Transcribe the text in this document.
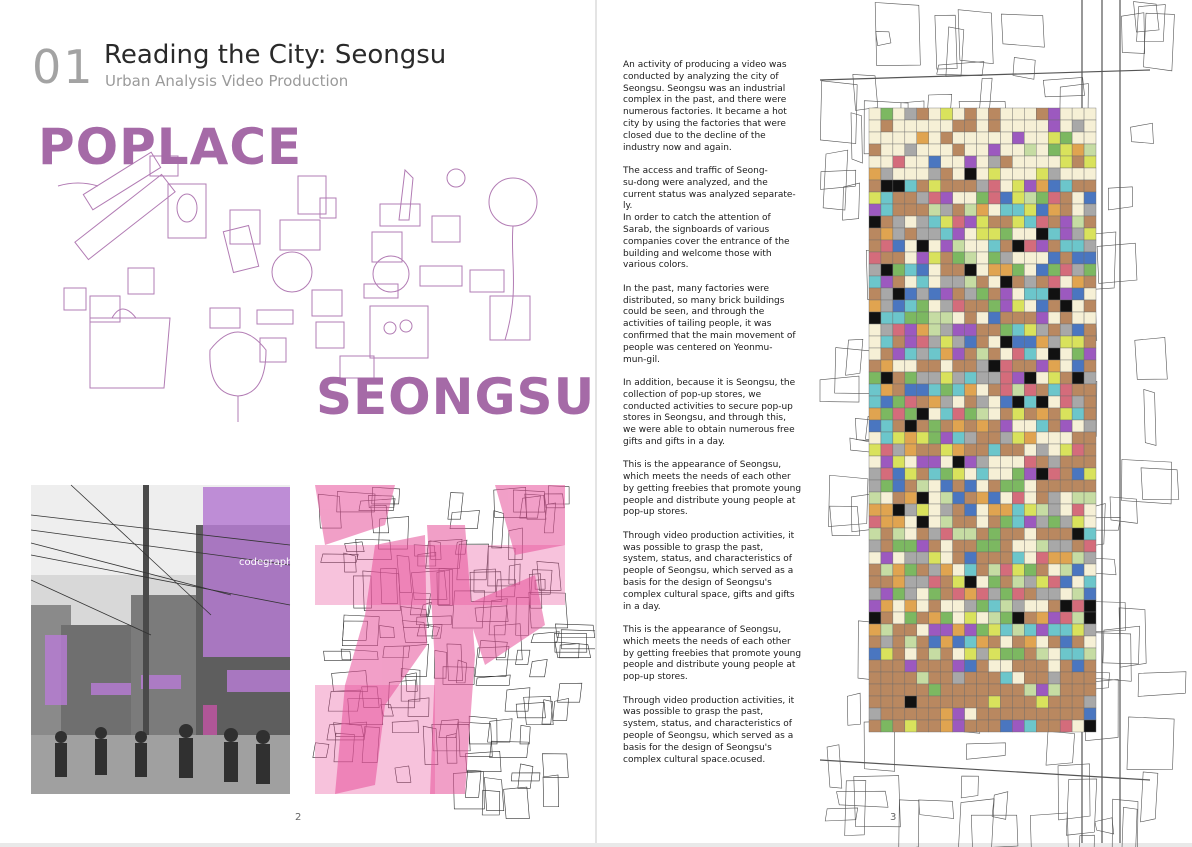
01 Reading the City: Seongsu
Urban Analysis Video Production
POPLACE
SEONGSU
codegraphy
2

An activity of producing a video was
conducted by analyzing the city of
Seongsu. Seongsu was an industrial
complex in the past, and there were
numerous factories. It became a hot
city by using the factories that were
closed due to the decline of the
industry now and again.

The access and traffic of Seong-
su-dong were analyzed, and the
current status was analyzed separate-
ly.
In order to catch the attention of
Sarab, the signboards of various
companies cover the entrance of the
building and welcome those with
various colors.

In the past, many factories were
distributed, so many brick buildings
could be seen, and through the
activities of tailing people, it was
confirmed that the main movement of
people was centered on Yeonmu-
mun-gil.

In addition, because it is Seongsu, the
collection of pop-up stores, we
conducted activities to secure pop-up
stores in Seongsu, and through this,
we were able to obtain numerous free
gifts and gifts in a day.

This is the appearance of Seongsu,
which meets the needs of each other
by getting freebies that promote young
people and distribute young people at
pop-up stores.

Through video production activities, it
was possible to grasp the past,
system, status, and characteristics of
people of Seongsu, which served as a
basis for the design of Seongsu's
complex cultural space, gifts and gifts
in a day.

This is the appearance of Seongsu,
which meets the needs of each other
by getting freebies that promote young
people and distribute young people at
pop-up stores.

Through video production activities, it
was possible to grasp the past,
system, status, and characteristics of
people of Seongsu, which served as a
basis for the design of Seongsu's
complex cultural space.ocused.

3
